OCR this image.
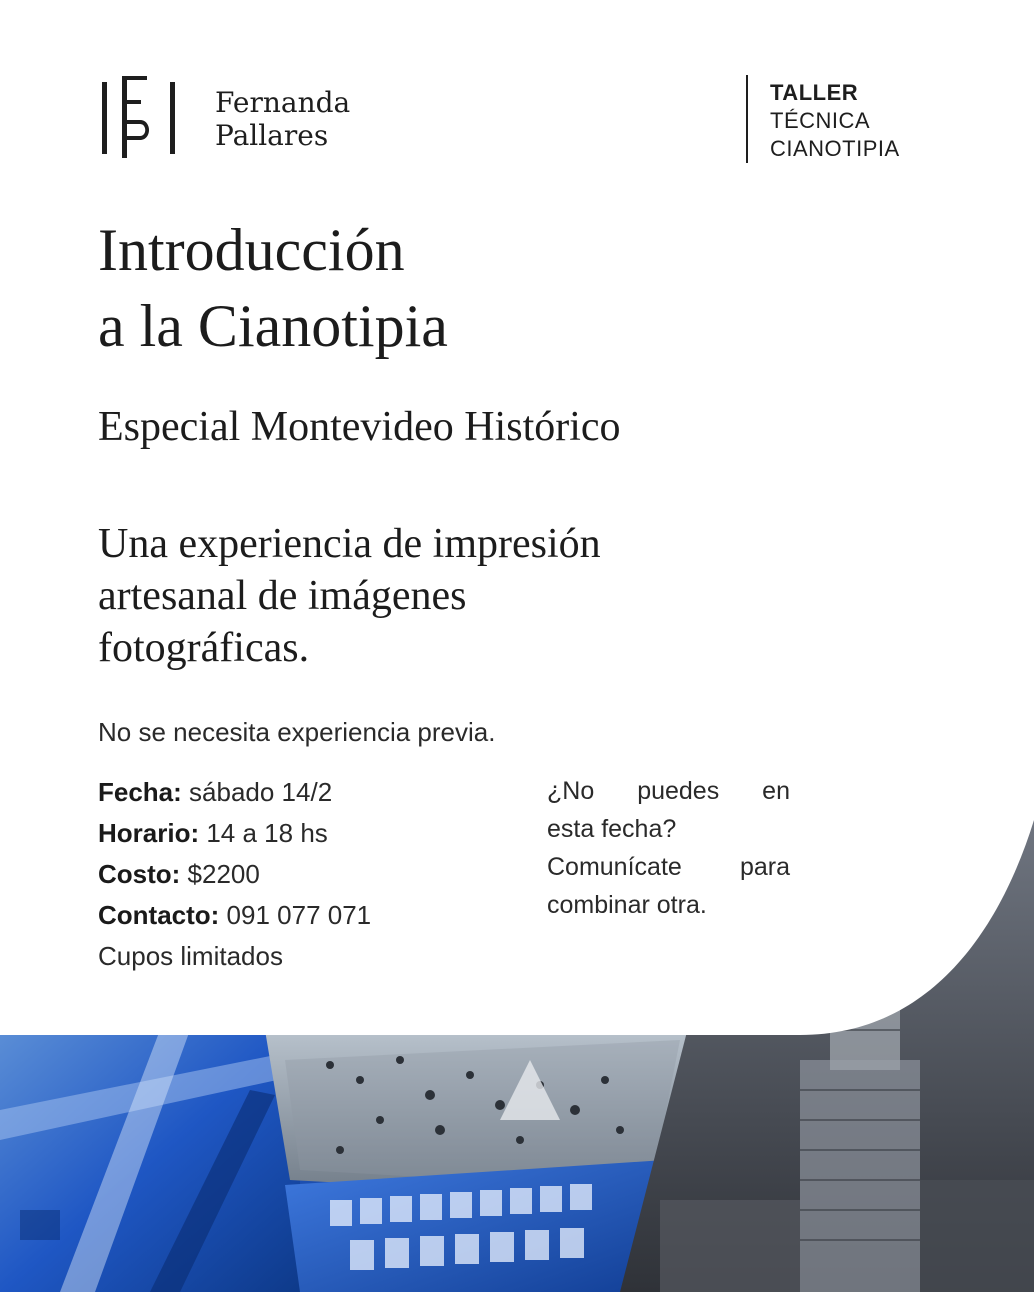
Fernanda
Pallares
TALLER
TÉCNICA
CIANOTIPIA
Introducción
a la Cianotipia
Especial Montevideo Histórico
Una experiencia de impresión
artesanal de imágenes
fotográficas.
No se necesita experiencia previa.
Fecha: sábado 14/2
Horario: 14 a 18 hs
Costo: $2200
Contacto: 091 077 071
Cupos limitados
¿No puedes en
esta fecha?
Comunícate para
combinar otra.
